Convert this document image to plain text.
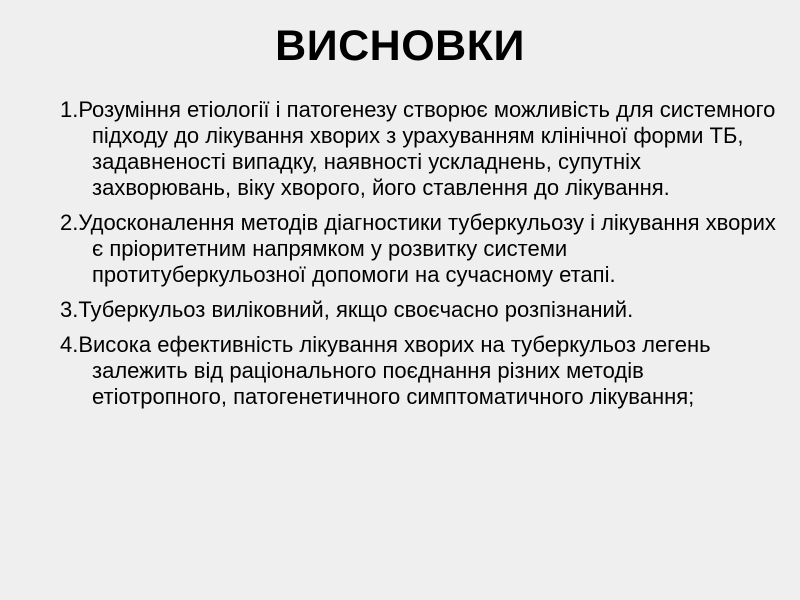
ВИСНОВКИ
1.Розуміння етіології і патогенезу створює можливість для системного підходу до лікування хворих з урахуванням клінічної форми ТБ, задавненості випадку, наявності ускладнень, супутніх захворювань, віку хворого, його ставлення до лікування.
2.Удосконалення методів діагностики туберкульозу і лікування хворих є пріоритетним напрямком у розвитку системи протитуберкульозної допомоги на сучасному етапі.
3.Туберкульоз виліковний, якщо своєчасно розпізнаний.
4.Висока ефективність лікування хворих на туберкульоз легень залежить від раціонального поєднання різних методів етіотропного, патогенетичного симптоматичного лікування;
